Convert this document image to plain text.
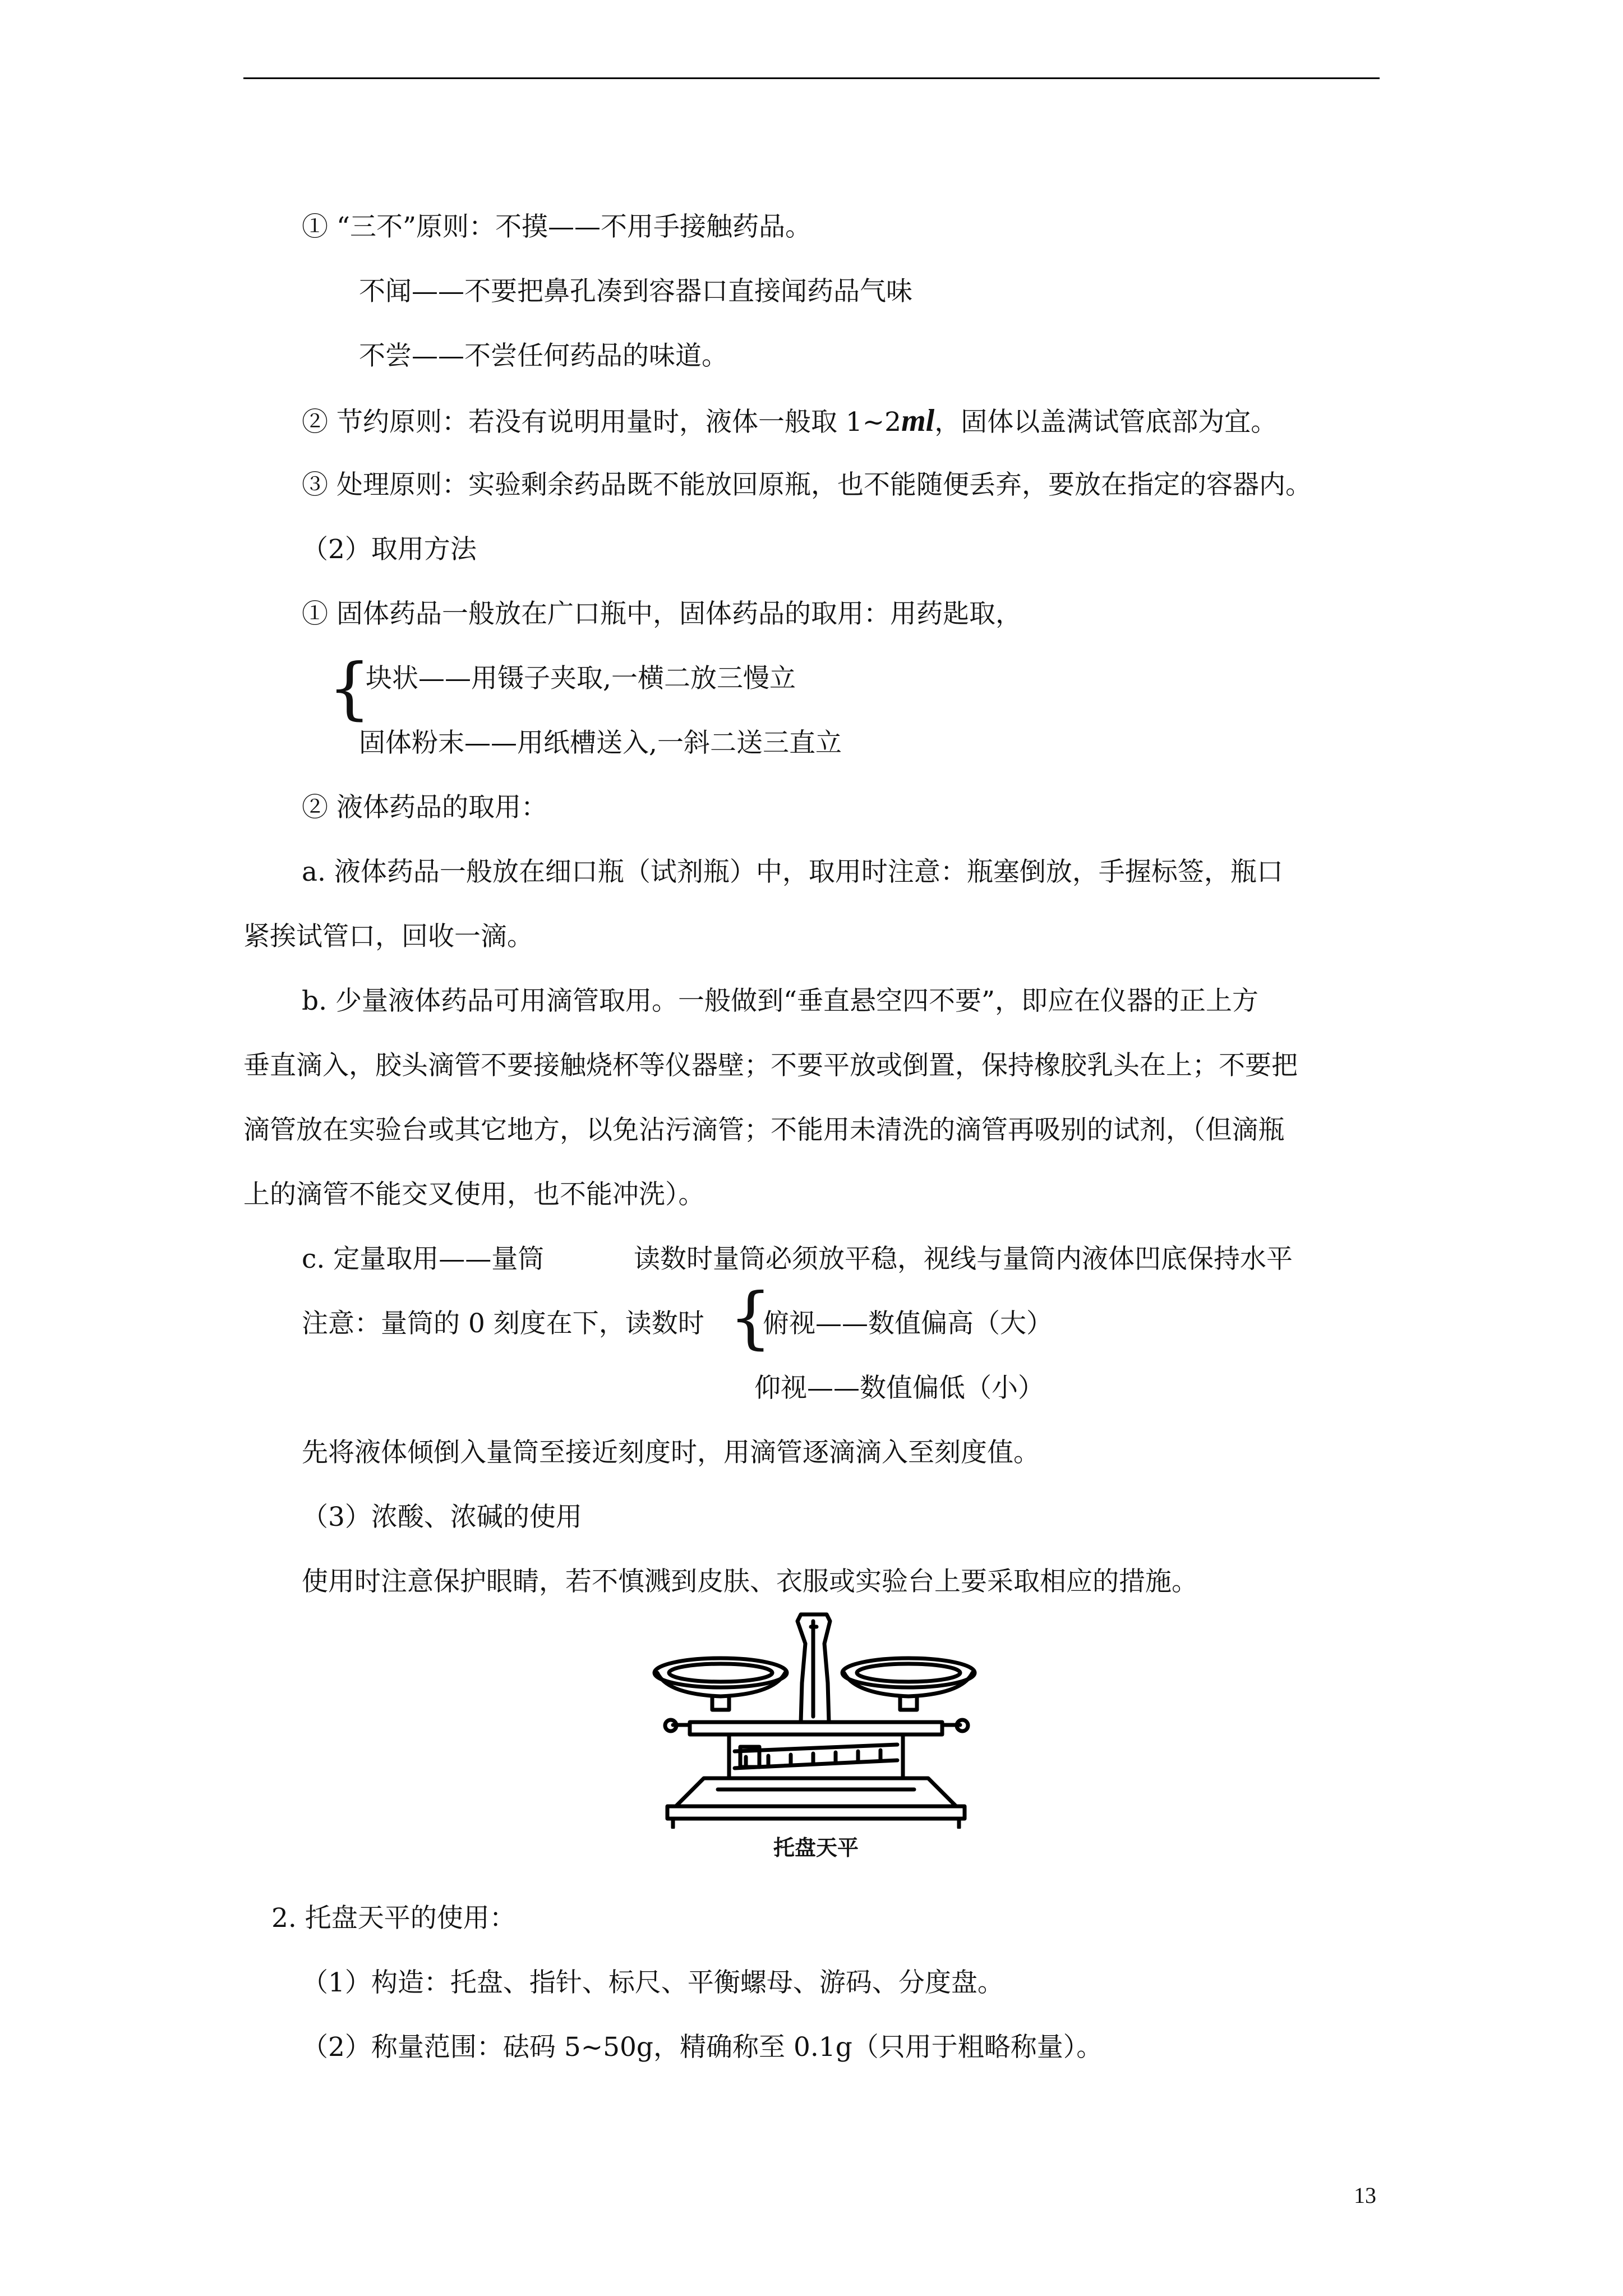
① “三不”原则：不摸——不用手接触药品。
不闻——不要把鼻孔凑到容器口直接闻药品气味
不尝——不尝任何药品的味道。
② 节约原则：若没有说明用量时，液体一般取 1~2ml，固体以盖满试管底部为宜。
③ 处理原则：实验剩余药品既不能放回原瓶，也不能随便丢弃，要放在指定的容器内。
（2）取用方法
① 固体药品一般放在广口瓶中，固体药品的取用：用药匙取，
{
块状——用镊子夹取,一横二放三慢立
固体粉末——用纸槽送入,一斜二送三直立
② 液体药品的取用：
a. 液体药品一般放在细口瓶（试剂瓶）中，取用时注意：瓶塞倒放，手握标签，瓶口
紧挨试管口，回收一滴。
b. 少量液体药品可用滴管取用。一般做到“垂直悬空四不要”，即应在仪器的正上方
垂直滴入，胶头滴管不要接触烧杯等仪器壁；不要平放或倒置，保持橡胶乳头在上；不要把
滴管放在实验台或其它地方，以免沾污滴管；不能用未清洗的滴管再吸别的试剂，（但滴瓶
上的滴管不能交叉使用，也不能冲洗）。
c. 定量取用——量筒	读数时量筒必须放平稳，视线与量筒内液体凹底保持水平
注意：量筒的 0 刻度在下，读数时 {
俯视——数值偏高（大）
仰视——数值偏低（小）
先将液体倾倒入量筒至接近刻度时，用滴管逐滴滴入至刻度值。
（3）浓酸、浓碱的使用
使用时注意保护眼睛，若不慎溅到皮肤、衣服或实验台上要采取相应的措施。
托盘天平
2. 托盘天平的使用：
（1）构造：托盘、指针、标尺、平衡螺母、游码、分度盘。
（2）称量范围：砝码 5~50g，精确称至 0.1g（只用于粗略称量）。
13
